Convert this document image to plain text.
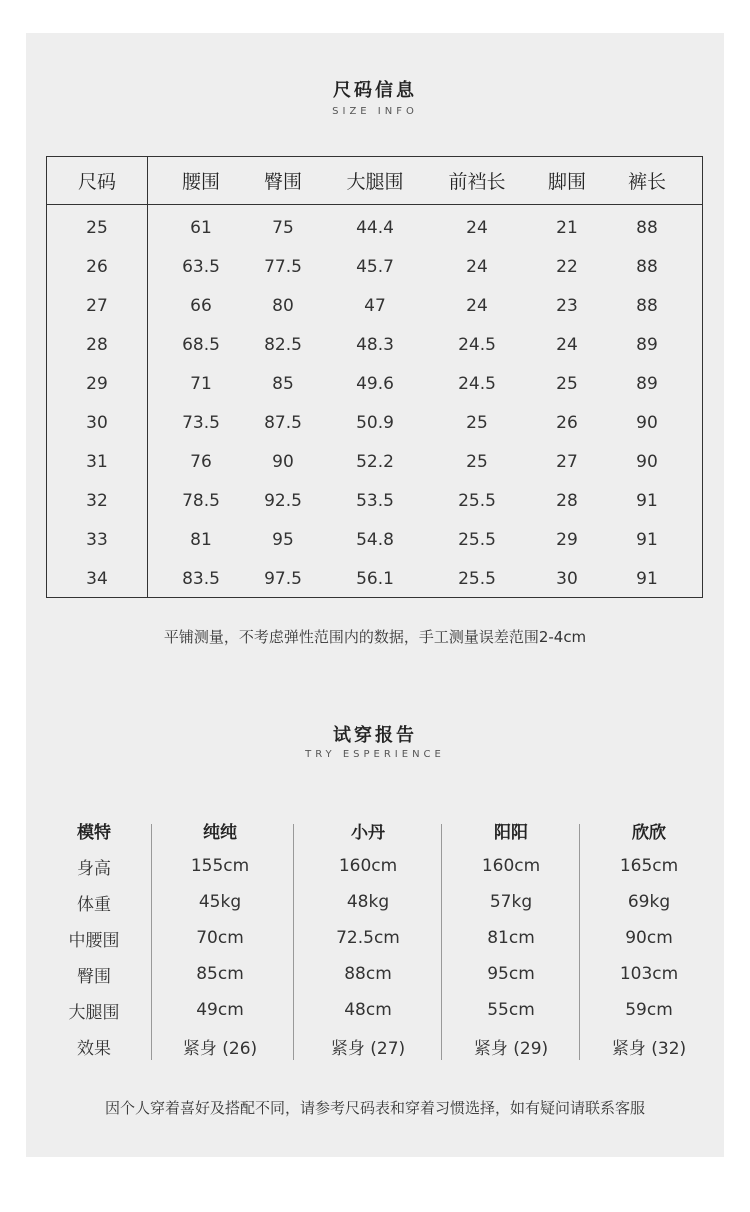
尺码信息
SIZE INFO
尺码	腰围	臀围	大腿围	前裆长	脚围	裤长
25	61	75	44.4	24	21	88
26	63.5	77.5	45.7	24	22	88
27	66	80	47	24	23	88
28	68.5	82.5	48.3	24.5	24	89
29	71	85	49.6	24.5	25	89
30	73.5	87.5	50.9	25	26	90
31	76	90	52.2	25	27	90
32	78.5	92.5	53.5	25.5	28	91
33	81	95	54.8	25.5	29	91
34	83.5	97.5	56.1	25.5	30	91
平铺测量，不考虑弹性范围内的数据，手工测量误差范围2-4cm
试穿报告
TRY ESPERIENCE
模特	纯纯	小丹	阳阳	欣欣
身高	155cm	160cm	160cm	165cm
体重	45kg	48kg	57kg	69kg
中腰围	70cm	72.5cm	81cm	90cm
臀围	85cm	88cm	95cm	103cm
大腿围	49cm	48cm	55cm	59cm
效果	紧身 (26)	紧身 (27)	紧身 (29)	紧身 (32)
因个人穿着喜好及搭配不同，请参考尺码表和穿着习惯选择，如有疑问请联系客服
